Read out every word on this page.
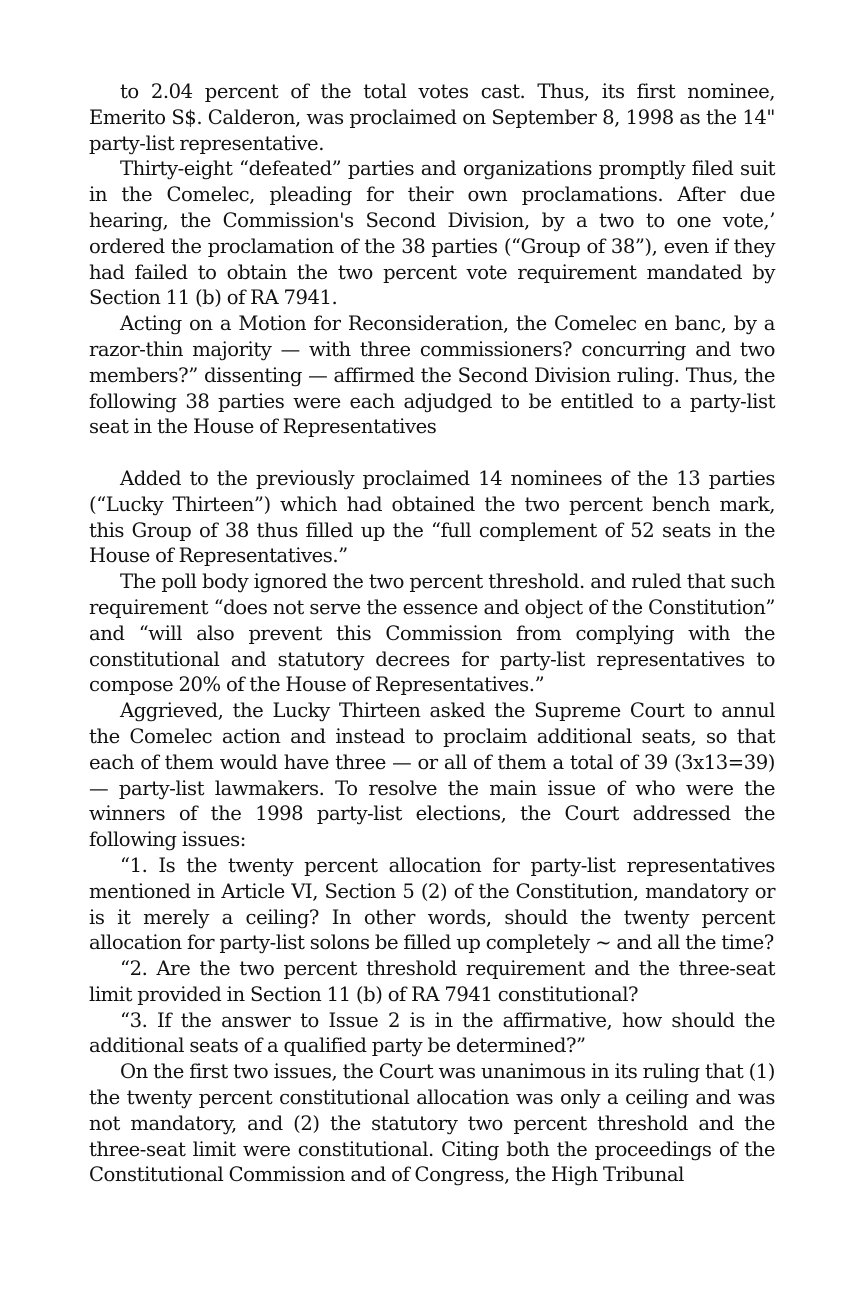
to 2.04 percent of the total votes cast. Thus, its first nominee, Emerito S$. Calderon, was proclaimed on September 8, 1998 as the 14" party-list representative.

Thirty-eight “defeated” parties and organizations promptly filed suit in the Comelec, pleading for their own proclamations. After due hearing, the Commission's Second Division, by a two to one vote,’ ordered the proclamation of the 38 parties (“Group of 38”), even if they had failed to obtain the two percent vote requirement mandated by Section 11 (b) of RA 7941.

Acting on a Motion for Reconsideration, the Comelec en banc, by a razor-thin majority — with three commissioners? concurring and two members?” dissenting — affirmed the Second Division ruling. Thus, the following 38 parties were each adjudged to be entitled to a party-list seat in the House of Representatives

Added to the previously proclaimed 14 nominees of the 13 parties (“Lucky Thirteen”) which had obtained the two percent bench mark, this Group of 38 thus filled up the “full complement of 52 seats in the House of Representatives.”

The poll body ignored the two percent threshold. and ruled that such requirement “does not serve the essence and object of the Constitution” and “will also prevent this Commission from complying with the constitutional and statutory decrees for party-list representatives to compose 20% of the House of Representatives.”

Aggrieved, the Lucky Thirteen asked the Supreme Court to annul the Comelec action and instead to proclaim additional seats, so that each of them would have three — or all of them a total of 39 (3x13=39) — party-list lawmakers. To resolve the main issue of who were the winners of the 1998 party-list elections, the Court addressed the following issues:

“1. Is the twenty percent allocation for party-list representatives mentioned in Article VI, Section 5 (2) of the Constitution, mandatory or is it merely a ceiling? In other words, should the twenty percent allocation for party-list solons be filled up completely ~ and all the time?

“2. Are the two percent threshold requirement and the three-seat limit provided in Section 11 (b) of RA 7941 constitutional?

“3. If the answer to Issue 2 is in the affirmative, how should the additional seats of a qualified party be determined?”

On the first two issues, the Court was unanimous in its ruling that (1) the twenty percent constitutional allocation was only a ceiling and was not mandatory, and (2) the statutory two percent threshold and the three-seat limit were constitutional. Citing both the proceedings of the Constitutional Commission and of Congress, the High Tribunal
